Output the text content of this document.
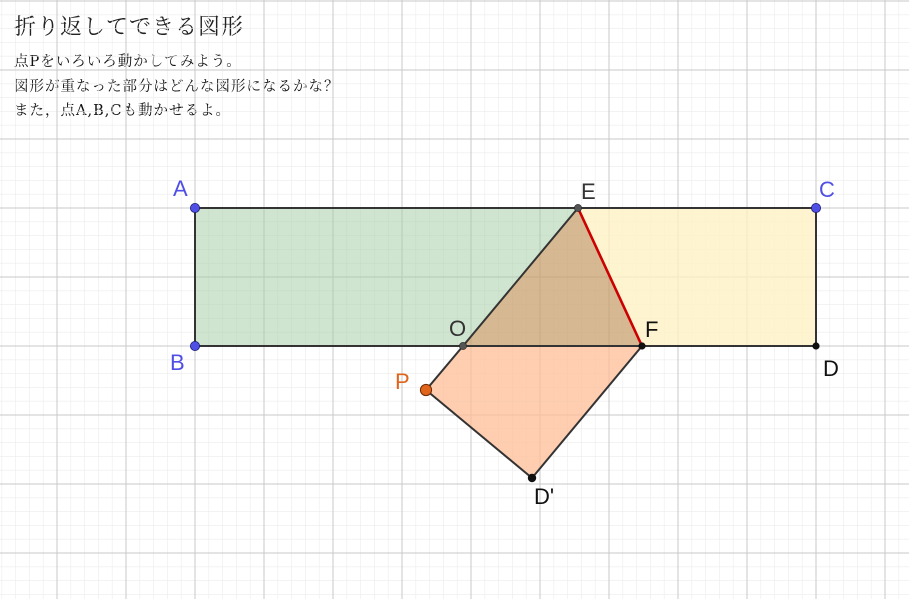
折り返してできる図形
点Pをいろいろ動かしてみよう。
図形が重なった部分はどんな図形になるかな？
また，点A,B,Cも動かせるよ。
A
B
C
D
E
O	F
P
D'
